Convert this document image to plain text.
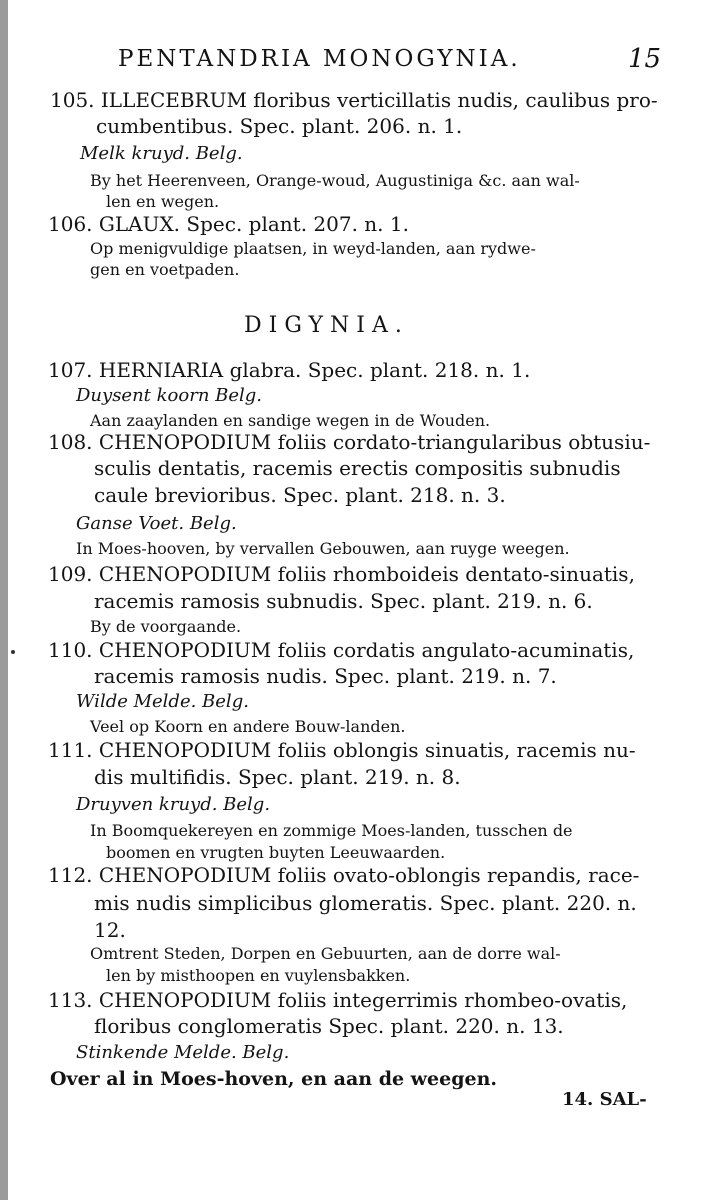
PENTANDRIA MONOGYNIA.	15
105. ILLECEBRUM floribus verticillatis nudis, caulibus pro-
cumbentibus. Spec. plant. 206. n. 1.
Melk kruyd. Belg.
By het Heerenveen, Orange-woud, Augustiniga &c. aan wal-
len en wegen.
106. GLAUX. Spec. plant. 207. n. 1.
Op menigvuldige plaatsen, in weyd-landen, aan rydwe-
gen en voetpaden.
DIGYNIA.
107. HERNIARIA glabra. Spec. plant. 218. n. 1.
Duysent koorn Belg.
Aan zaaylanden en sandige wegen in de Wouden.
108. CHENOPODIUM foliis cordato-triangularibus obtusiu-
sculis dentatis, racemis erectis compositis subnudis
caule brevioribus. Spec. plant. 218. n. 3.
Ganse Voet. Belg.
In Moes-hooven, by vervallen Gebouwen, aan ruyge weegen.
109. CHENOPODIUM foliis rhomboideis dentato-sinuatis,
racemis ramosis subnudis. Spec. plant. 219. n. 6.
By de voorgaande.
110. CHENOPODIUM foliis cordatis angulato-acuminatis,
racemis ramosis nudis. Spec. plant. 219. n. 7.
Wilde Melde. Belg.
Veel op Koorn en andere Bouw-landen.
111. CHENOPODIUM foliis oblongis sinuatis, racemis nu-
dis multifidis. Spec. plant. 219. n. 8.
Druyven kruyd. Belg.
In Boomquekereyen en zommige Moes-landen, tusschen de
boomen en vrugten buyten Leeuwaarden.
112. CHENOPODIUM foliis ovato-oblongis repandis, race-
mis nudis simplicibus glomeratis. Spec. plant. 220. n.
12.
Omtrent Steden, Dorpen en Gebuurten, aan de dorre wal-
len by misthoopen en vuylensbakken.
113. CHENOPODIUM foliis integerrimis rhombeo-ovatis,
floribus conglomeratis Spec. plant. 220. n. 13.
Stinkende Melde. Belg.
Over al in Moes-hoven, en aan de weegen.
14. SAL-
